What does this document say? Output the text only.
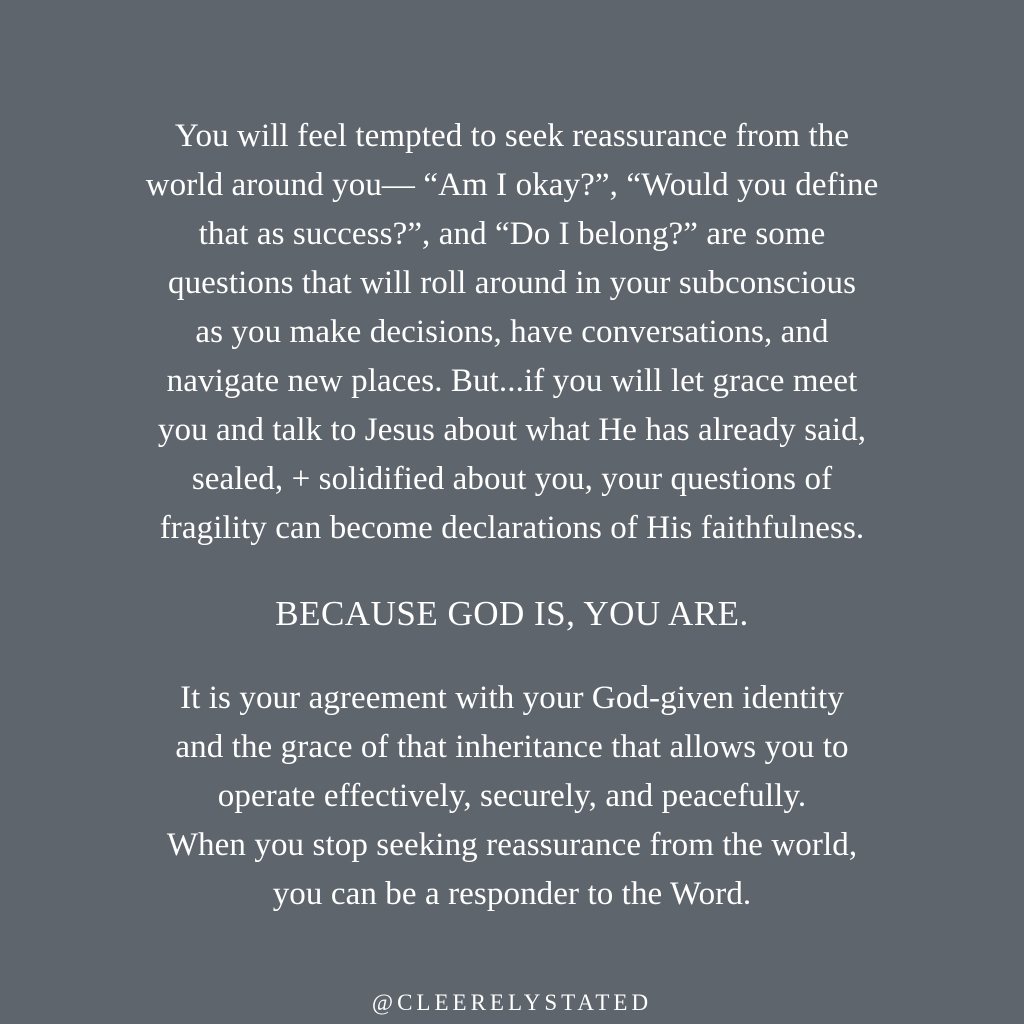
You will feel tempted to seek reassurance from the
world around you— “Am I okay?”, “Would you define
that as success?”, and “Do I belong?” are some
questions that will roll around in your subconscious
as you make decisions, have conversations, and
navigate new places. But...if you will let grace meet
you and talk to Jesus about what He has already said,
sealed, + solidified about you, your questions of
fragility can become declarations of His faithfulness.
BECAUSE GOD IS, YOU ARE.
It is your agreement with your God-given identity
and the grace of that inheritance that allows you to
operate effectively, securely, and peacefully.
When you stop seeking reassurance from the world,
you can be a responder to the Word.
@CLEERELYSTATED
